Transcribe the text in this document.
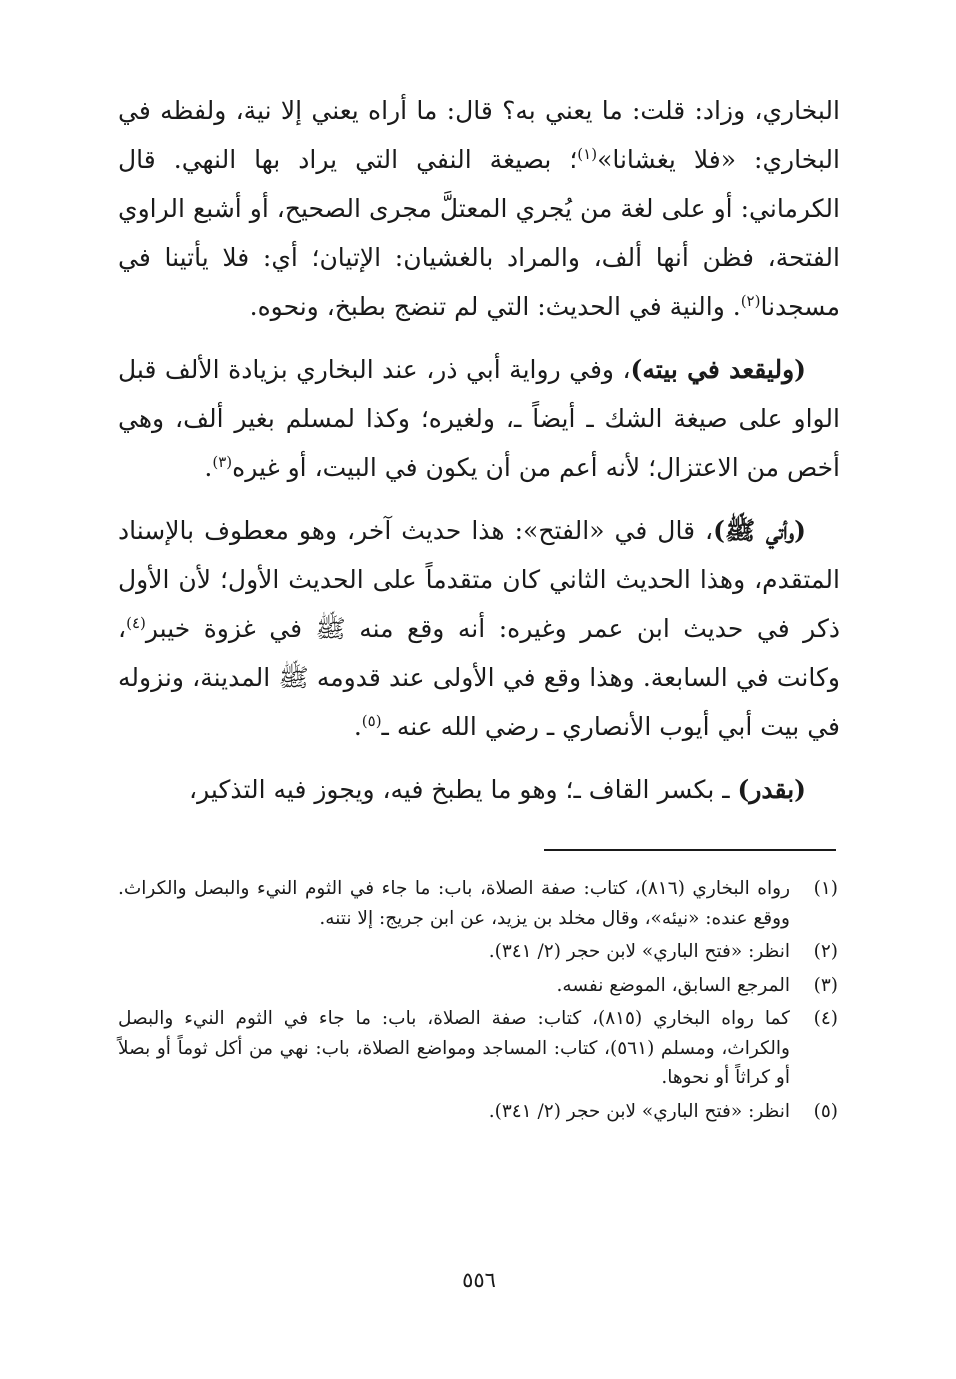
البخاري، وزاد: قلت: ما يعني به؟ قال: ما أراه يعني إلا نية، ولفظه في البخاري: «فلا يغشانا»$^{(١)}$؛ بصيغة النفي التي يراد بها النهي. قال الكرماني: أو على لغة من يُجري المعتلَّ مجرى الصحيح، أو أشبع الراوي الفتحة، فظن أنها ألف، والمراد بالغشيان: الإتيان؛ أي: فلا يأتينا في مسجدنا$^{(٢)}$. والنية في الحديث: التي لم تنضج بطبخ، ونحوه.

(وليقعد في بيته)، وفي رواية أبي ذر، عند البخاري بزيادة الألف قبل الواو على صيغة الشك ـ أيضاً ـ، ولغيره؛ وكذا لمسلم بغير ألف، وهي أخص من الاعتزال؛ لأنه أعم من أن يكون في البيت، أو غيره$^{(٣)}$.

(وأتي ﷺ)، قال في «الفتح»: هذا حديث آخر، وهو معطوف بالإسناد المتقدم، وهذا الحديث الثاني كان متقدماً على الحديث الأول؛ لأن الأول ذكر في حديث ابن عمر وغيره: أنه وقع منه ﷺ في غزوة خيبر$^{(٤)}$، وكانت في السابعة. وهذا وقع في الأولى عند قدومه ﷺ المدينة، ونزوله في بيت أبي أيوب الأنصاري ـ رضي الله عنه ـ$^{(٥)}$.

(بقدر) ـ بكسر القاف ـ؛ وهو ما يطبخ فيه، ويجوز فيه التذكير،

(١)
رواه البخاري (٨١٦)، كتاب: صفة الصلاة، باب: ما جاء في الثوم النيء والبصل والكراث. ووقع عنده: «نيئه»، وقال مخلد بن يزيد، عن ابن جريج: إلا نتنه.
(٢)
انظر: «فتح الباري» لابن حجر (٢/ ٣٤١).
(٣)
المرجع السابق، الموضع نفسه.
(٤)
كما رواه البخاري (٨١٥)، كتاب: صفة الصلاة، باب: ما جاء في الثوم النيء والبصل والكراث، ومسلم (٥٦١)، كتاب: المساجد ومواضع الصلاة، باب: نهي من أكل ثوماً أو بصلاً أو كراثاً أو نحوها.
(٥)
انظر: «فتح الباري» لابن حجر (٢/ ٣٤١).
٥٥٦
